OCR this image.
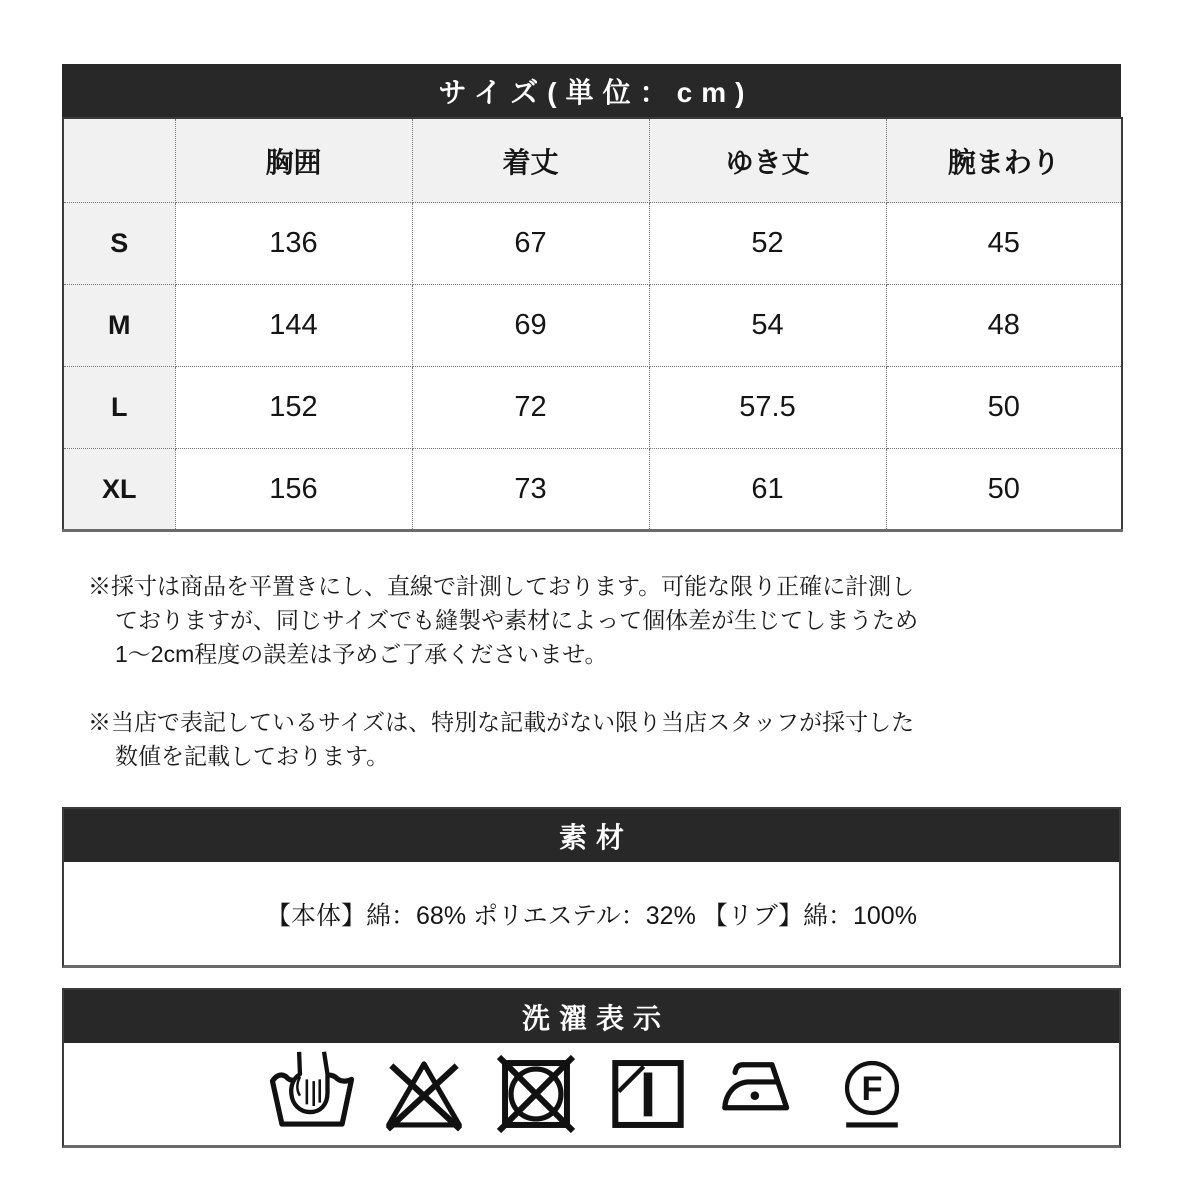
サイズ(単位：cm)
	胸囲	着丈	ゆき丈	腕まわり
S	136	67	52	45
M	144	69	54	48
L	152	72	57.5	50
XL	156	73	61	50
※採寸は商品を平置きにし、直線で計測しております。可能な限り正確に計測し
ておりますが、同じサイズでも縫製や素材によって個体差が生じてしまうため
1〜2cm程度の誤差は予めご了承くださいませ。
※当店で表記しているサイズは、特別な記載がない限り当店スタッフが採寸した
数値を記載しております。
素材
【本体】綿：68% ポリエステル：32% 【リブ】綿：100%
洗濯表示
F
